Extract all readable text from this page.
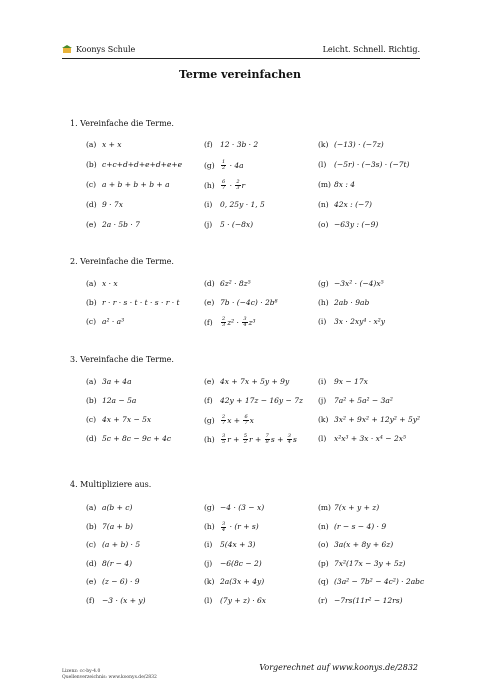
Koonys Schule	Leicht. Schnell. Richtig.
Terme vereinfachen
1. Vereinfache die Terme.
(a) x + x	(f) 12 · 3b · 2	(k) (−13) · (−7z)
(b) c+c+d+d+e+d+e+e	$(g) \frac{1}{2} \cdot 4a$	(l) (−5r) · (−3s) · (−7t)
(c) a + b + b + b + a	$(h) \frac{6}{7} \cdot \frac{2}{3}$ r	(m) 8x : 4
(d) 9 · 7x	(i) 0, 25y · 1, 5	(n) 42x : (−7)
(e) 2a · 5b · 7	(j) 5 · (−8x)	(o) −63y : (−9)
2. Vereinfache die Terme.
(a) x · x	(d) 6z² · 8z⁵	(g) −3x² · (−4)x⁵
(b) r · r · s · t · t · s · r · t	(e) 7b · (−4c) · 2b⁸	(h) 2ab · 9ab
(c) a² · a³	$(f) \frac{2}{3} z^2 \cdot \frac{3}{4} z^3$	(i) 3x · 2xy⁴ · x²y
3. Vereinfache die Terme.
(a) 3a + 4a	(e) 4x + 7x + 5y + 9y	(i) 9x − 17x
(b) 12a − 5a	(f) 42y + 17z − 16y − 7z (j) 7a² + 5a² − 3a²
(c) 4x + 7x − 5x	$(g) \frac{2}{7}$ $x + \frac{6}{7}$ x	(k) 3x² + 9x² + 12y² + 5y²
(d) 5c + 8c − 9c + 4c	$(h) \frac{3}{5}$ $r + \frac{5}{2}$ $r + \frac{7}{8}$ $s + \frac{3}{4}$ s	(l) x²x³ + 3x · x⁴ − 2x⁵
4. Multipliziere aus.
(a) a(b + c)	(g) −4 · (3 − x)	(m) 7(x + y + z)
(b) 7(a + b)	$(h) \frac{3}{4} \cdot (r + s)$	(n) (r − s − 4) · 9
(c) (a + b) · 5	(i) 5(4x + 3)	(o) 3a(x + 8y + 6z)
(d) 8(r − 4)	(j) −6(8c − 2)	(p) 7x²(17x − 3y + 5z)
(e) (z − 6) · 9	(k) 2a(3x + 4y)	(q) (3a² − 7b² − 4c²) · 2abc
(f) −3 · (x + y)	(l) (7y + z) · 6x	(r) −7rs(11r² − 12rs)
Lizenz: cc-by-4.0
Quellenverzeichnis: www.koonys.de/2832
Vorgerechnet auf www.koonys.de/2832
